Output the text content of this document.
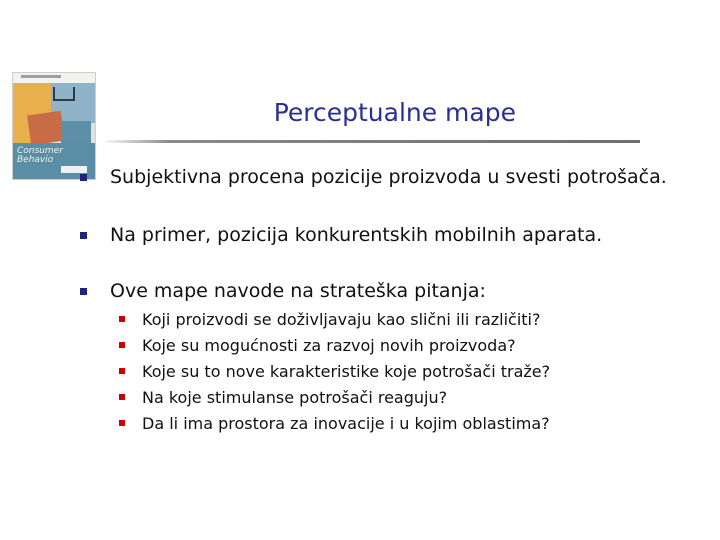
Consumer
Behavio
Perceptualne mape
Subjektivna procena pozicije proizvoda u svesti potrošača.
Na primer, pozicija konkurentskih mobilnih aparata.
Ove mape navode na strateška pitanja:
Koji proizvodi se doživljavaju kao slični ili različiti?
Koje su mogućnosti za razvoj novih proizvoda?
Koje su to nove karakteristike koje potrošači traže?
Na koje stimulanse potrošači reaguju?
Da li ima prostora za inovacije i u kojim oblastima?
